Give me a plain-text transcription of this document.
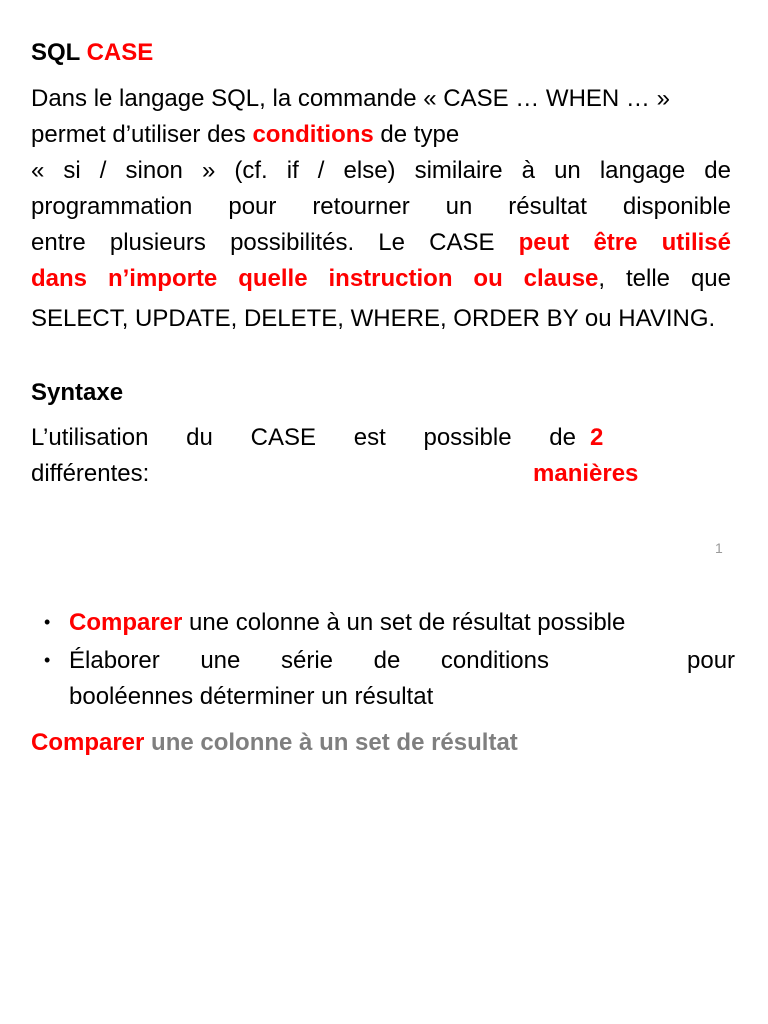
SQL CASE
Dans le langage SQL, la commande « CASE … WHEN … »
permet d’utiliser des conditions de type
« si / sinon » (cf. if / else) similaire à un langage de
programmation pour retourner un résultat disponible
entre plusieurs possibilités. Le CASE peut être utilisé
dans n’importe quelle instruction ou clause, telle que
SELECT, UPDATE, DELETE, WHERE, ORDER BY ou HAVING.
Syntaxe
L’utilisation du CASE est possible de 2
différentes:	manières
1
• Comparer une colonne à un set de résultat possible
• Élaborer une série de conditions	pour
booléennes déterminer un résultat
Comparer une colonne à un set de résultat
